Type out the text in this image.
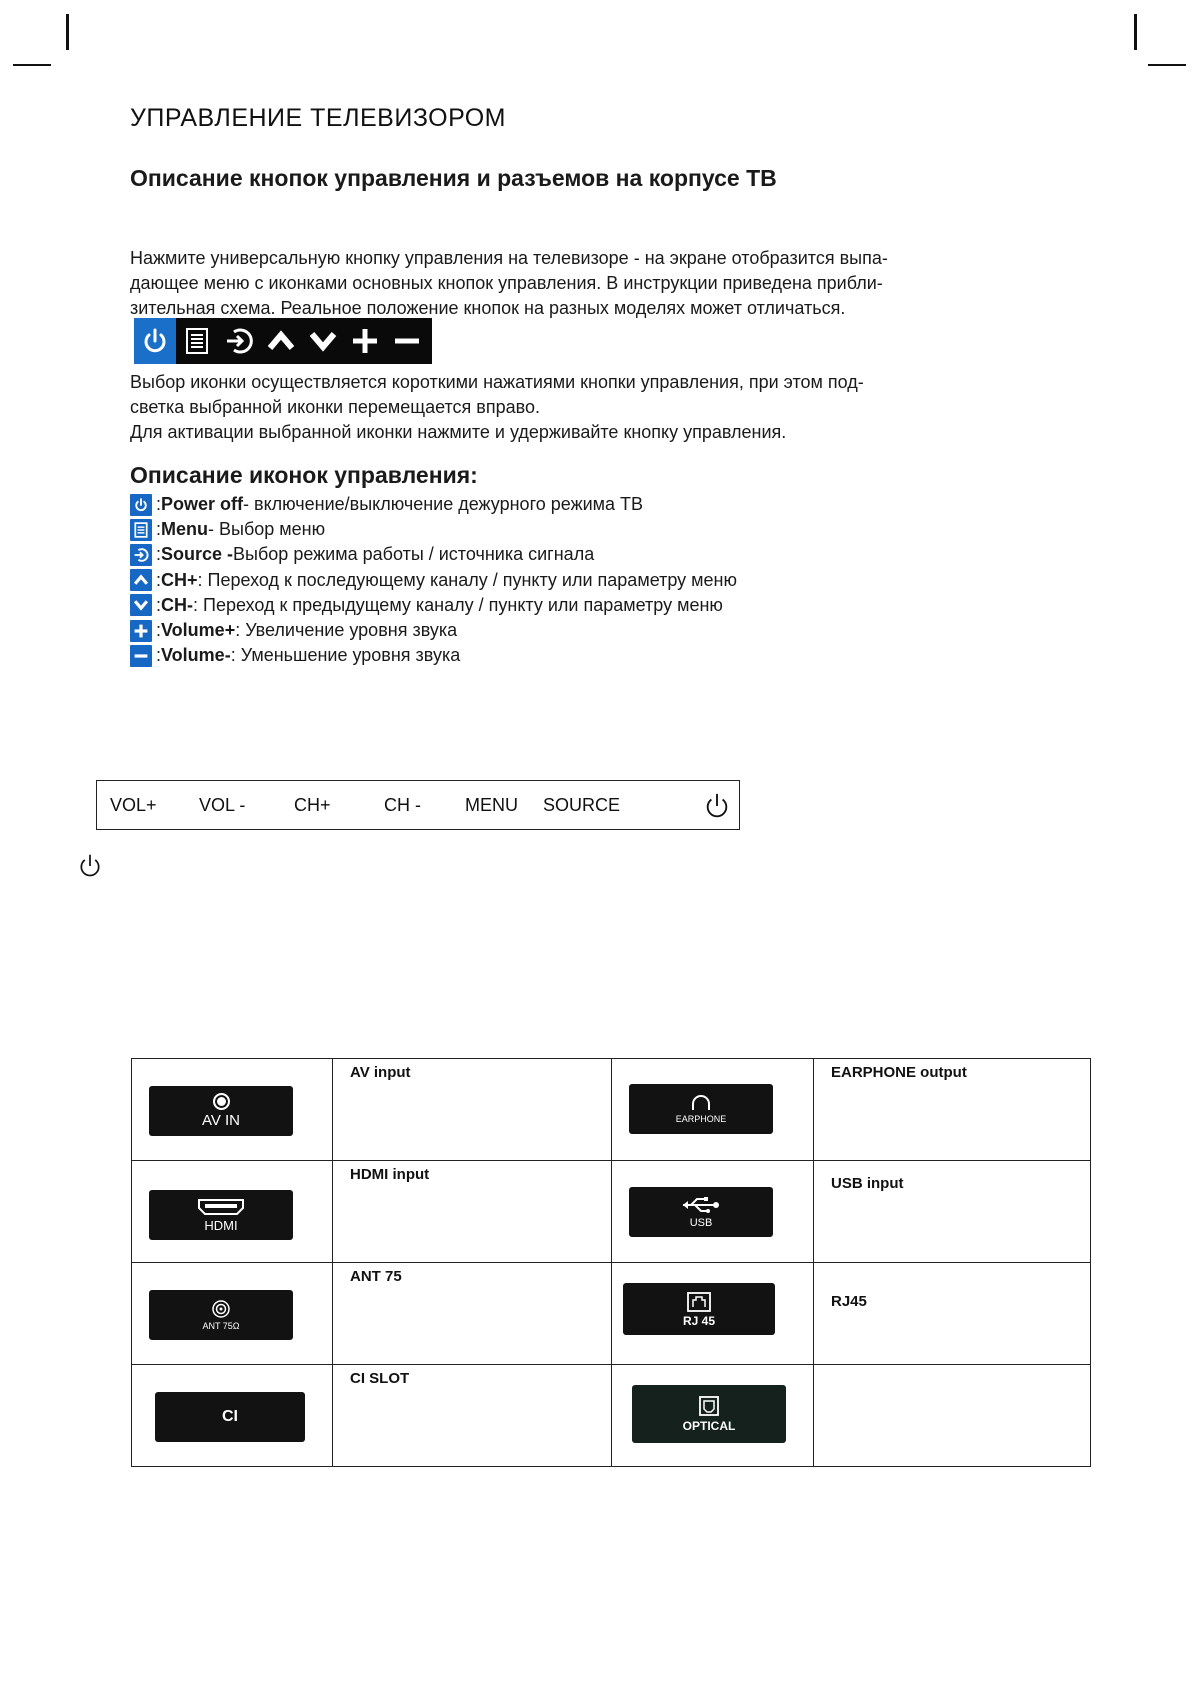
УПРАВЛЕНИЕ ТЕЛЕВИЗОРОМ
Описание кнопок управления и разъемов на корпусе ТВ
Нажмите универсальную кнопку управления на телевизоре - на экране отобразится выпа-
дающее меню с иконками основных кнопок управления. В инструкции приведена прибли-
зительная схема. Реальное положение кнопок на разных моделях может отличаться.
Выбор иконки осуществляется короткими нажатиями кнопки управления, при этом под-
светка выбранной иконки перемещается вправо.
Для активации выбранной иконки нажмите и удерживайте кнопку управления.
Описание иконок управления:
: Power off - включение/выключение дежурного режима ТВ
: Menu - Выбор меню
: Source - Выбор режима работы / источника сигнала
: CH+ : Переход к последующему каналу / пункту или параметру меню
: CH- : Переход к предыдущему каналу / пункту или параметру меню
: Volume+ : Увеличение уровня звука
: Volume- : Уменьшение уровня звука
VOL+ VOL -	CH+	CH - MENU SOURCE
AV IN	AV input	EARPHONE	EARPHONE output

HDMI	HDMI input	USB	USB input

ANT 75Ω	ANT 75	RJ 45	RJ45

CI	CI SLOT	OPTICAL	
